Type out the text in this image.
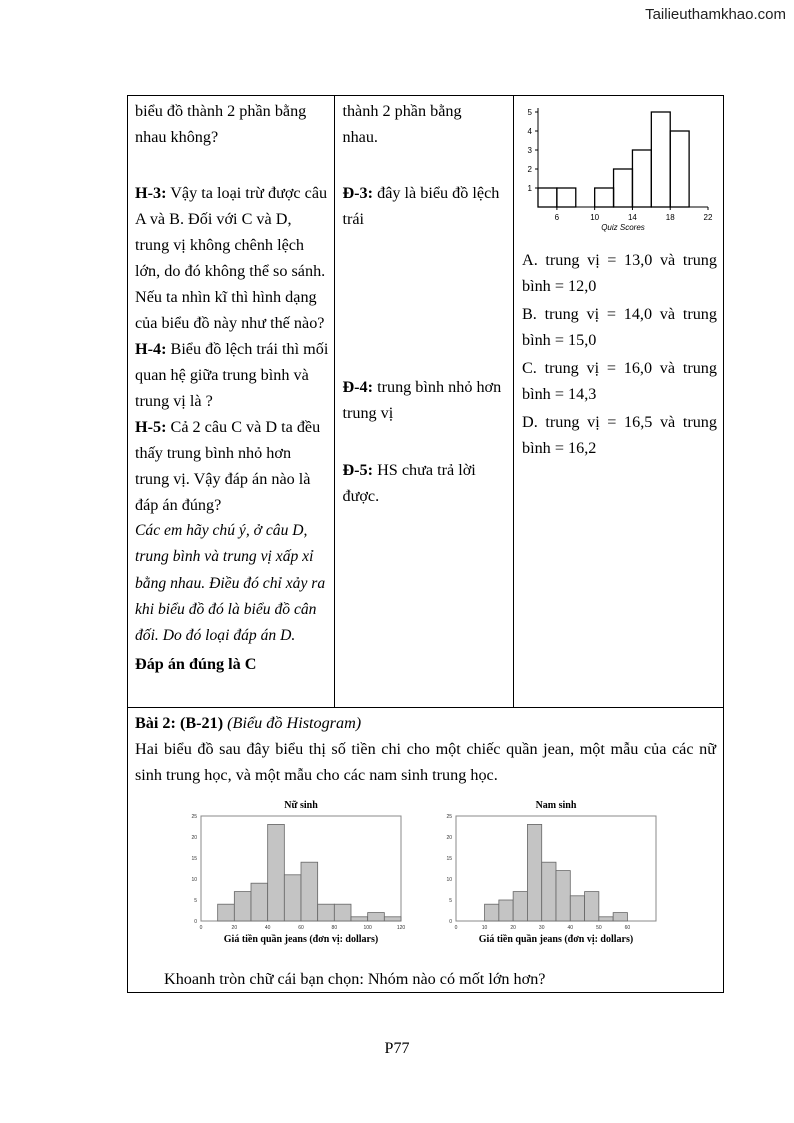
Tailieuthamkhao.com

biểu đồ thành 2 phần bằng

nhau không?

H-3: Vậy ta loại trừ được câu A và B. Đối với C và D, trung vị không chênh lệch lớn, do đó không thể so sánh. Nếu ta nhìn kĩ thì hình dạng của biểu đồ này như thế nào?

H-4: Biểu đồ lệch trái thì mối quan hệ giữa trung bình và trung vị là ?

H-5: Cả 2 câu C và D ta đều thấy trung bình nhỏ hơn trung vị. Vậy đáp án nào là đáp án đúng?

Các em hãy chú ý, ở câu D, trung bình và trung vị xấp xỉ bằng nhau. Điều đó chỉ xảy ra khi biểu đồ đó là biểu đồ cân đối. Do đó loại đáp án D.

Đáp án đúng là C

thành 2 phần bằng

nhau.

Đ-3: đây là biểu đồ lệch trái

Đ-4: trung bình nhỏ hơn trung vị

Đ-5: HS chưa trả lời được.

1
2
3
4
5
6	10	14	18	22
Quiz Scores

A. trung vị = 13,0 và trung bình = 12,0

B. trung vị = 14,0 và trung bình = 15,0

C. trung vị = 16,0 và trung bình = 14,3

D. trung vị = 16,5 và trung bình = 16,2

Bài 2: (B-21) (Biểu đồ Histogram)

Hai biểu đồ sau đây biểu thị số tiền chi cho một chiếc quần jean, một mẫu của các nữ sinh trung học, và một mẫu cho các nam sinh trung học.

Nữ sinh
0
5
10
15
20
25
0	20	40	60	80	100	120
Giá tiền quần jeans (đơn vị: dollars)
Nam sinh
0
5
10
15
20
25
0	10	20	30	40	50	60
Giá tiền quần jeans (đơn vị: dollars)

Khoanh tròn chữ cái bạn chọn: Nhóm nào có mốt lớn hơn?

P77
